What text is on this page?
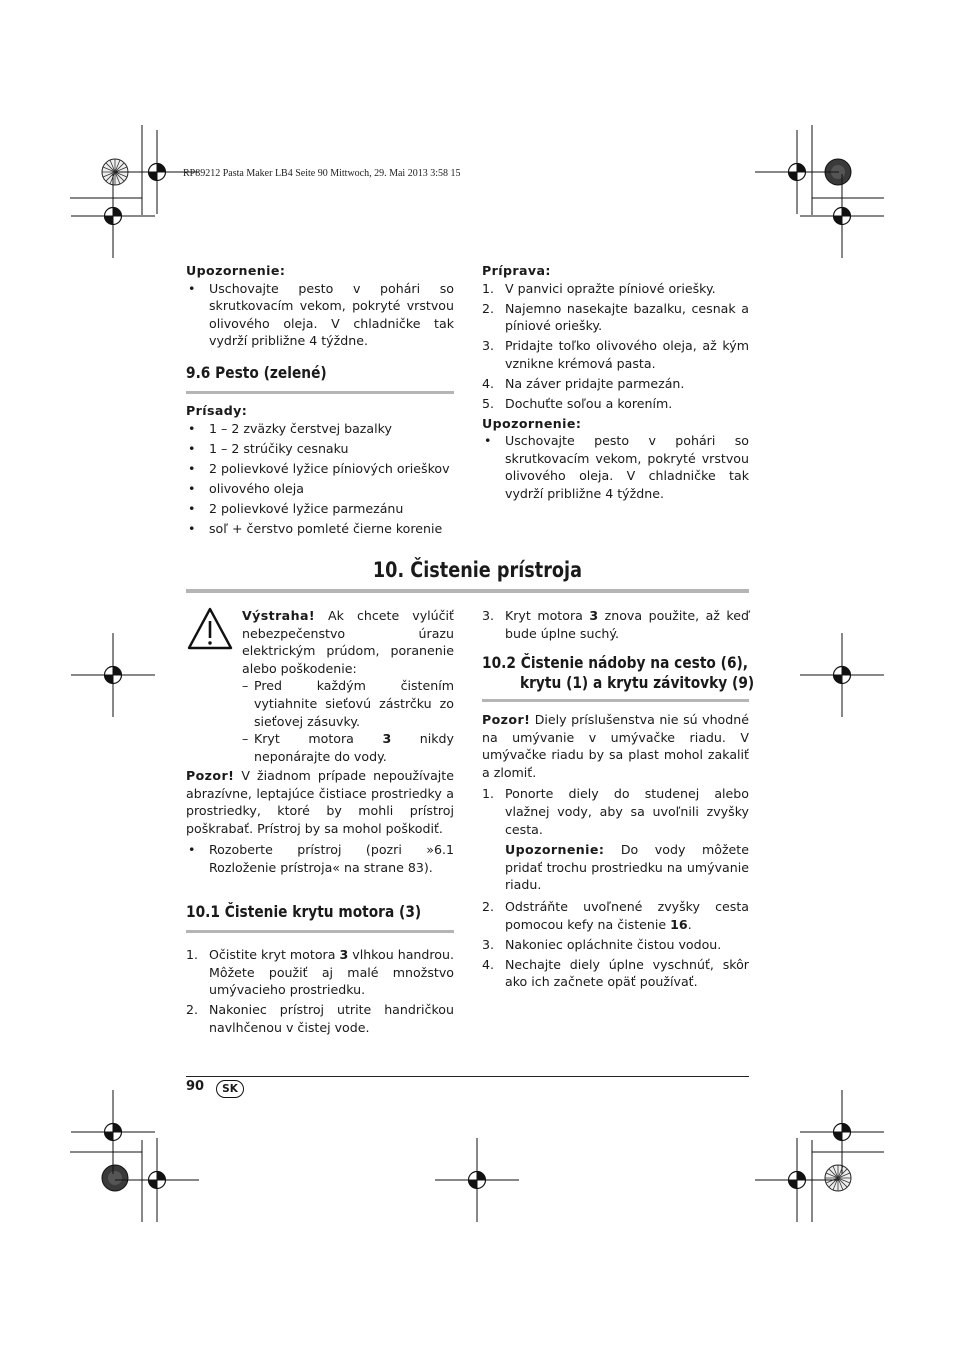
RP89212 Pasta Maker LB4 Seite 90 Mittwoch, 29. Mai 2013 3:58 15
Upozornenie:
• Uschovajte pesto v pohári so skrutkovacím vekom, pokryté vrstvou olivového oleja. V chladničke tak vydrží približne 4 týždne.
9.6 Pesto (zelené)
Prísady:
• 1 – 2 zväzky čerstvej bazalky
• 1 – 2 strúčiky cesnaku
• 2 polievkové lyžice píniových orieškov
• olivového oleja
• 2 polievkové lyžice parmezánu
• soľ + čerstvo pomleté čierne korenie
Príprava:
1. V panvici opražte píniové oriešky.
2. Najemno nasekajte bazalku, cesnak a píniové oriešky.
3. Pridajte toľko olivového oleja, až kým vznikne krémová pasta.
4. Na záver pridajte parmezán.
5. Dochuťte soľou a korením.
Upozornenie:
• Uschovajte pesto v pohári so skrutkovacím vekom, pokryté vrstvou olivového oleja. V chladničke tak vydrží približne 4 týždne.
10. Čistenie prístroja

Výstraha! Ak chcete vylúčiť nebezpečenstvo úrazu elektrickým prúdom, poranenie alebo poškodenie:

– Pred každým čistením vytiahnite sieťovú zástrčku zo sieťovej zásuvky.

– Kryt motora 3 nikdy neponárajte do vody.

Pozor! V žiadnom prípade nepoužívajte abrazívne, leptajúce čistiace prostriedky a prostriedky, ktoré by mohli prístroj poškrabať. Prístroj by sa mohol poškodiť.

• Rozoberte prístroj (pozri »6.1 Rozloženie prístroja« na strane 83).
10.1 Čistenie krytu motora (3)
1. Očistite kryt motora 3 vlhkou handrou. Môžete použiť aj malé množstvo umývacieho prostriedku.
2. Nakoniec prístroj utrite handričkou navlhčenou v čistej vode.
3. Kryt motora 3 znova použite, až keď bude úplne suchý.
10.2 Čistenie nádoby na cesto (6),
krytu (1) a krytu závitovky (9)

Pozor! Diely príslušenstva nie sú vhodné na umývanie v umývačke riadu. V umývačke riadu by sa plast mohol zakaliť a zlomiť.

1. Ponorte diely do studenej alebo vlažnej vody, aby sa uvoľnili zvyšky cesta.

Upozornenie: Do vody môžete pridať trochu prostriedku na umývanie riadu.

2. Odstráňte uvoľnené zvyšky cesta pomocou kefy na čistenie 16.
3. Nakoniec opláchnite čistou vodou.
4. Nechajte diely úplne vyschnúť, skôr ako ich začnete opäť používať.
90	SK
